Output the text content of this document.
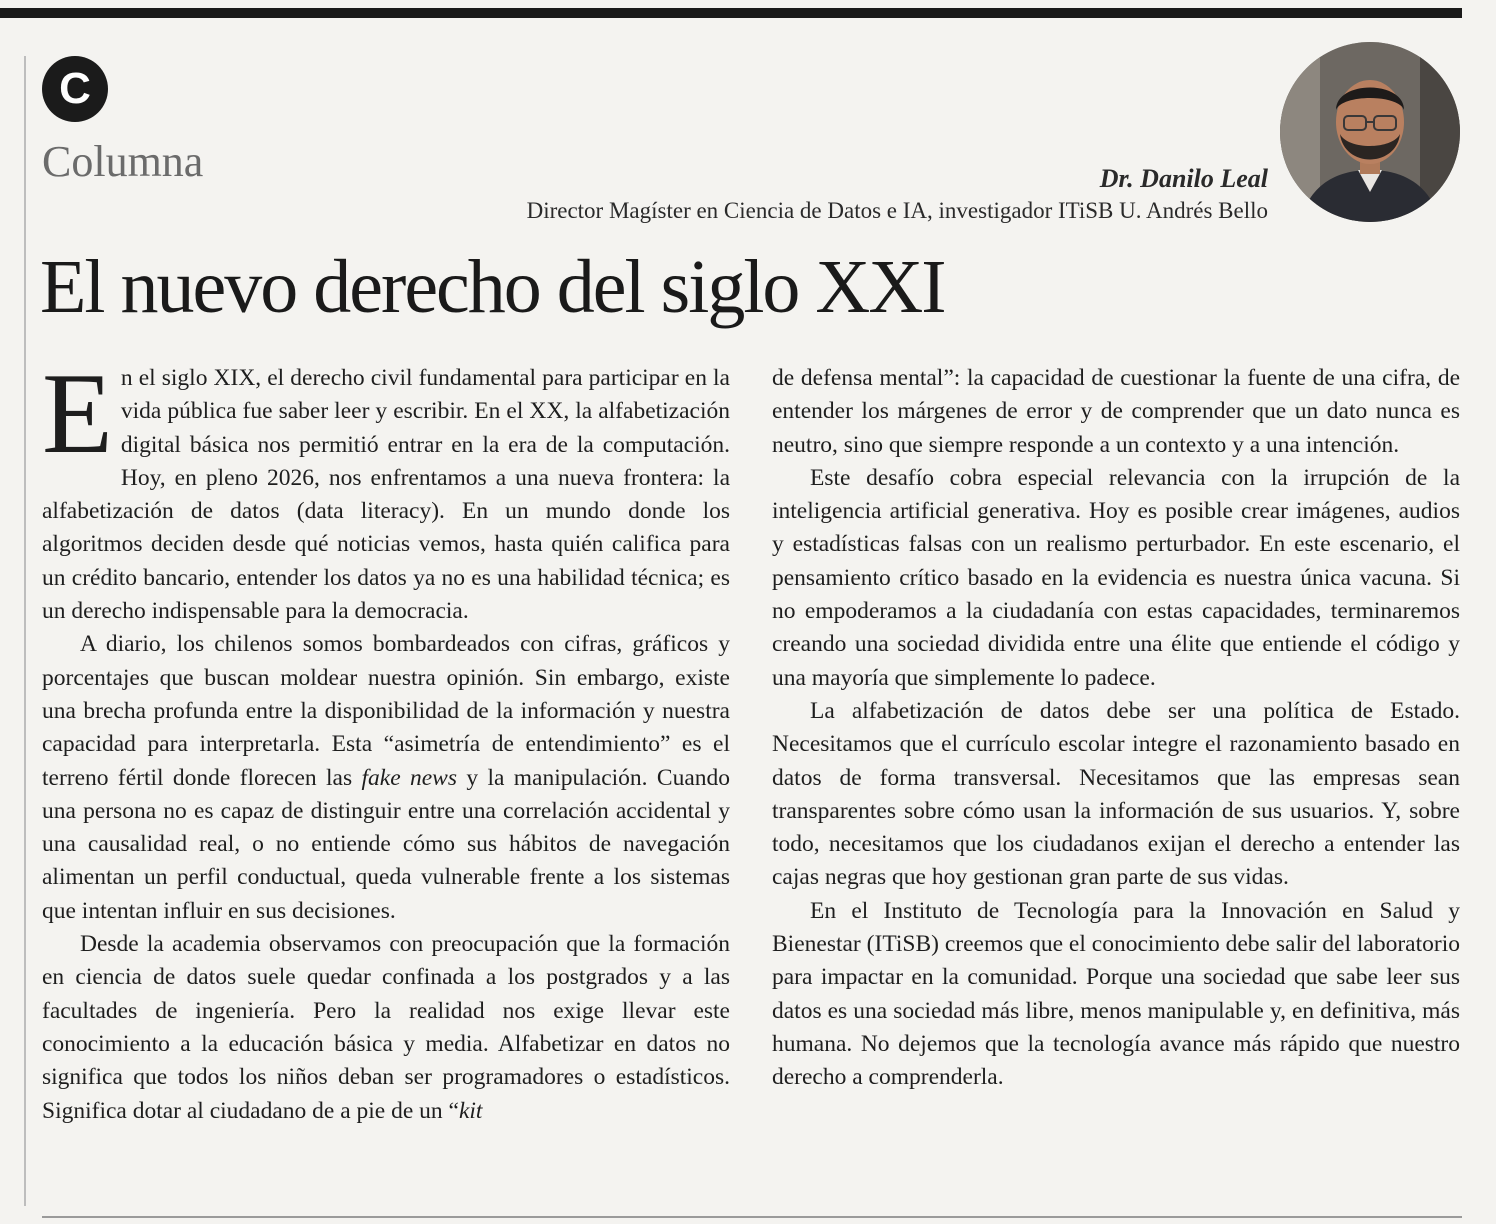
C
Columna	Dr. Danilo Leal
Director Magíster en Ciencia de Datos e IA, investigador ITiSB U. Andrés Bello
El nuevo derecho del siglo XXI

En el siglo XIX, el derecho civil fundamental para participar en la vida pública fue saber leer y escribir. En el XX, la alfabetización digital básica nos permitió entrar en la era de la computación. Hoy, en pleno 2026, nos enfrentamos a una nueva frontera: la alfabetización de datos (data literacy). En un mundo donde los algoritmos deciden desde qué noticias vemos, hasta quién califica para un crédito bancario, entender los datos ya no es una habilidad técnica; es un derecho indispensable para la democracia.

A diario, los chilenos somos bombardeados con cifras, gráficos y porcentajes que buscan moldear nuestra opinión. Sin embargo, existe una brecha profunda entre la disponibilidad de la información y nuestra capacidad para interpretarla. Esta “asimetría de entendimiento” es el terreno fértil donde florecen las fake news y la manipulación. Cuando una persona no es capaz de distinguir entre una correlación accidental y una causalidad real, o no entiende cómo sus hábitos de navegación alimentan un perfil conductual, queda vulnerable frente a los sistemas que intentan influir en sus decisiones.

Desde la academia observamos con preocupación que la formación en ciencia de datos suele quedar confinada a los postgrados y a las facultades de ingeniería. Pero la realidad nos exige llevar este conocimiento a la educación básica y media. Alfabetizar en datos no significa que todos los niños deban ser programadores o estadísticos. Significa dotar al ciudadano de a pie de un “kit

de defensa mental”: la capacidad de cuestionar la fuente de una cifra, de entender los márgenes de error y de comprender que un dato nunca es neutro, sino que siempre responde a un contexto y a una intención.

Este desafío cobra especial relevancia con la irrupción de la inteligencia artificial generativa. Hoy es posible crear imágenes, audios y estadísticas falsas con un realismo perturbador. En este escenario, el pensamiento crítico basado en la evidencia es nuestra única vacuna. Si no empoderamos a la ciudadanía con estas capacidades, terminaremos creando una sociedad dividida entre una élite que entiende el código y una mayoría que simplemente lo padece.

La alfabetización de datos debe ser una política de Estado. Necesitamos que el currículo escolar integre el razonamiento basado en datos de forma transversal. Necesitamos que las empresas sean transparentes sobre cómo usan la información de sus usuarios. Y, sobre todo, necesitamos que los ciudadanos exijan el derecho a entender las cajas negras que hoy gestionan gran parte de sus vidas.

En el Instituto de Tecnología para la Innovación en Salud y Bienestar (ITiSB) creemos que el conocimiento debe salir del laboratorio para impactar en la comunidad. Porque una sociedad que sabe leer sus datos es una sociedad más libre, menos manipulable y, en definitiva, más humana. No dejemos que la tecnología avance más rápido que nuestro derecho a comprenderla.
